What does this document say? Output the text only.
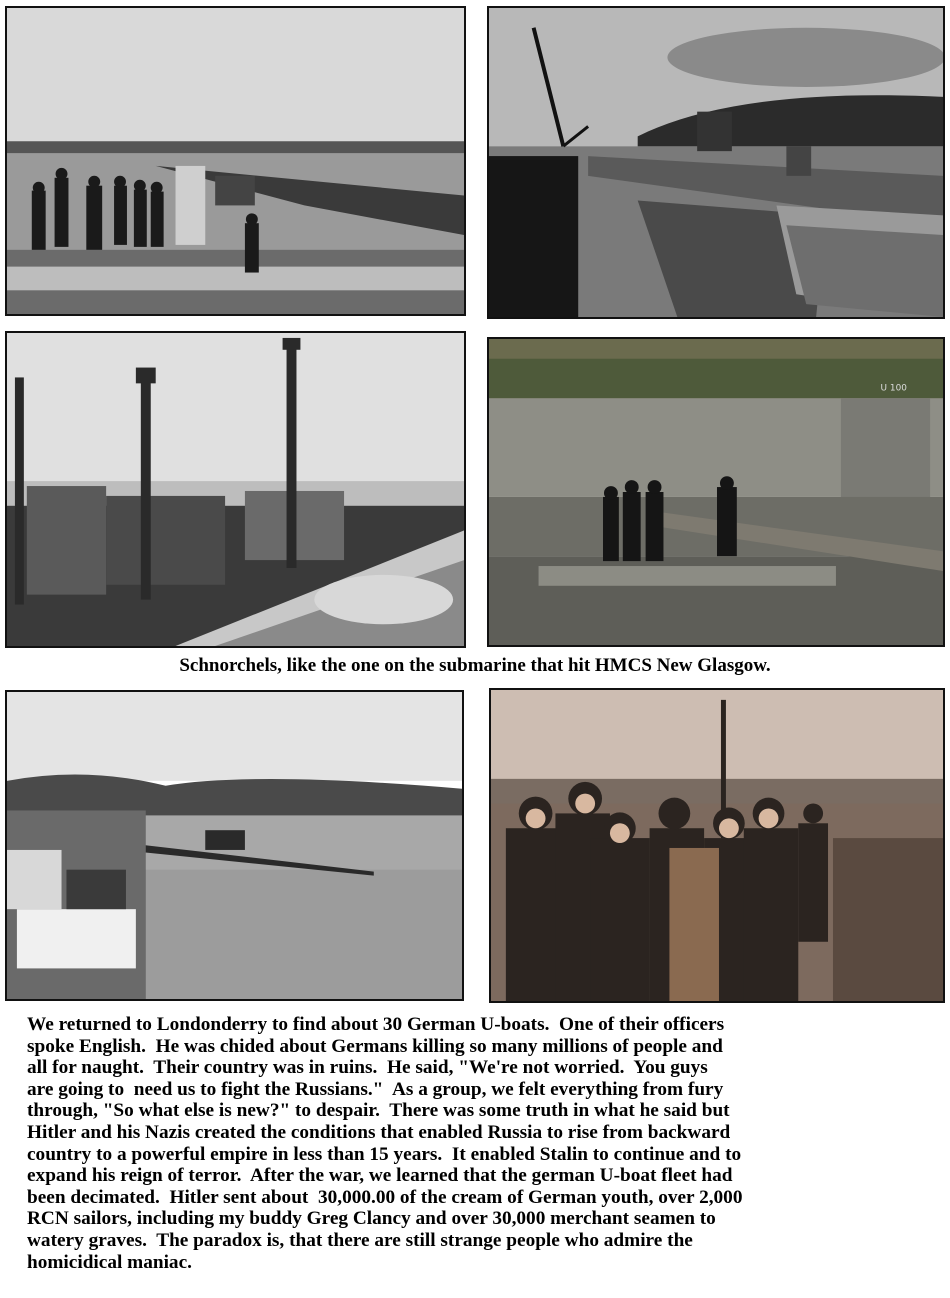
U 100
Schnorchels, like the one on the submarine that hit HMCS New Glasgow.
We returned to Londonderry to find about 30 German U-boats.  One of their officers
spoke English.  He was chided about Germans killing so many millions of people and
all for naught.  Their country was in ruins.  He said, "We're not worried.  You guys
are going to  need us to fight the Russians."  As a group, we felt everything from fury
through, "So what else is new?" to despair.  There was some truth in what he said but
Hitler and his Nazis created the conditions that enabled Russia to rise from backward
country to a powerful empire in less than 15 years.  It enabled Stalin to continue and to
expand his reign of terror.  After the war, we learned that the german U-boat fleet had
been decimated.  Hitler sent about  30,000.00 of the cream of German youth, over 2,000
RCN sailors, including my buddy Greg Clancy and over 30,000 merchant seamen to
watery graves.  The paradox is, that there are still strange people who admire the
homicidical maniac.
